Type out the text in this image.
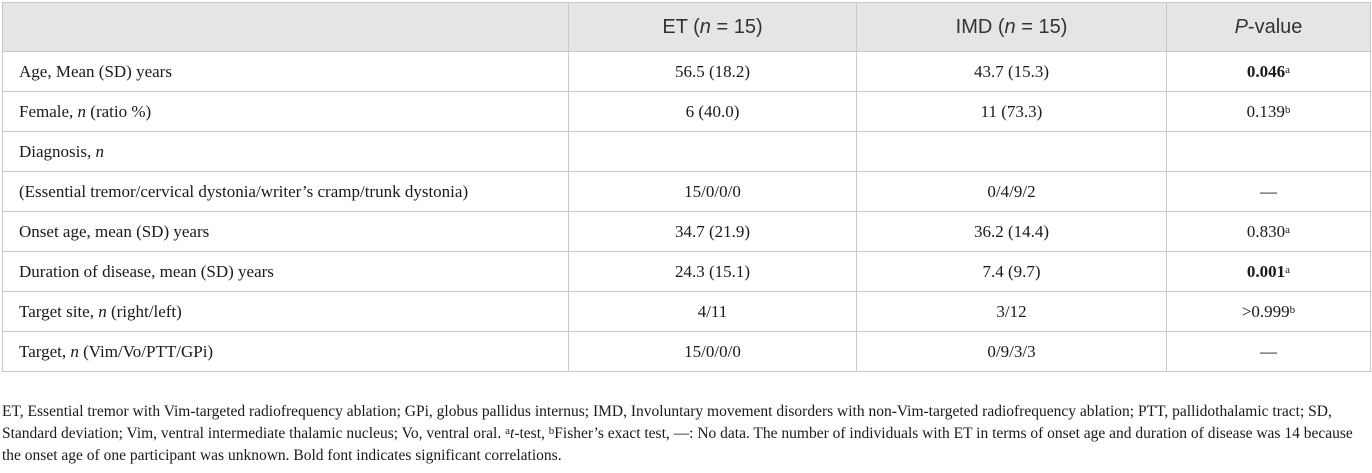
	ET (n = 15)	IMD (n = 15)	P-value
Age, Mean (SD) years	56.5 (18.2)	43.7 (15.3)	0.046$^a$
Female, n (ratio %)	6 (40.0)	11 (73.3)	0.139$^b$
Diagnosis, n			
(Essential tremor/cervical dystonia/writer’s cramp/trunk dystonia)	15/0/0/0	0/4/9/2	—
Onset age, mean (SD) years	34.7 (21.9)	36.2 (14.4)	0.830$^a$
Duration of disease, mean (SD) years	24.3 (15.1)	7.4 (9.7)	0.001$^a$
Target site, n (right/left)	4/11	3/12	>0.999$^b$
Target, n (Vim/Vo/PTT/GPi)	15/0/0/0	0/9/3/3	—

ET, Essential tremor with Vim-targeted radiofrequency ablation; GPi, globus pallidus internus; IMD, Involuntary movement disorders with non-Vim-targeted radiofrequency ablation; PTT, pallidothalamic tract; SD, Standard deviation; Vim, ventral intermediate thalamic nucleus; Vo, ventral oral. $^a$t-test, $^b$Fisher’s exact test, —: No data. The number of individuals with ET in terms of onset age and duration of disease was 14 because the onset age of one participant was unknown. Bold font indicates significant correlations.
